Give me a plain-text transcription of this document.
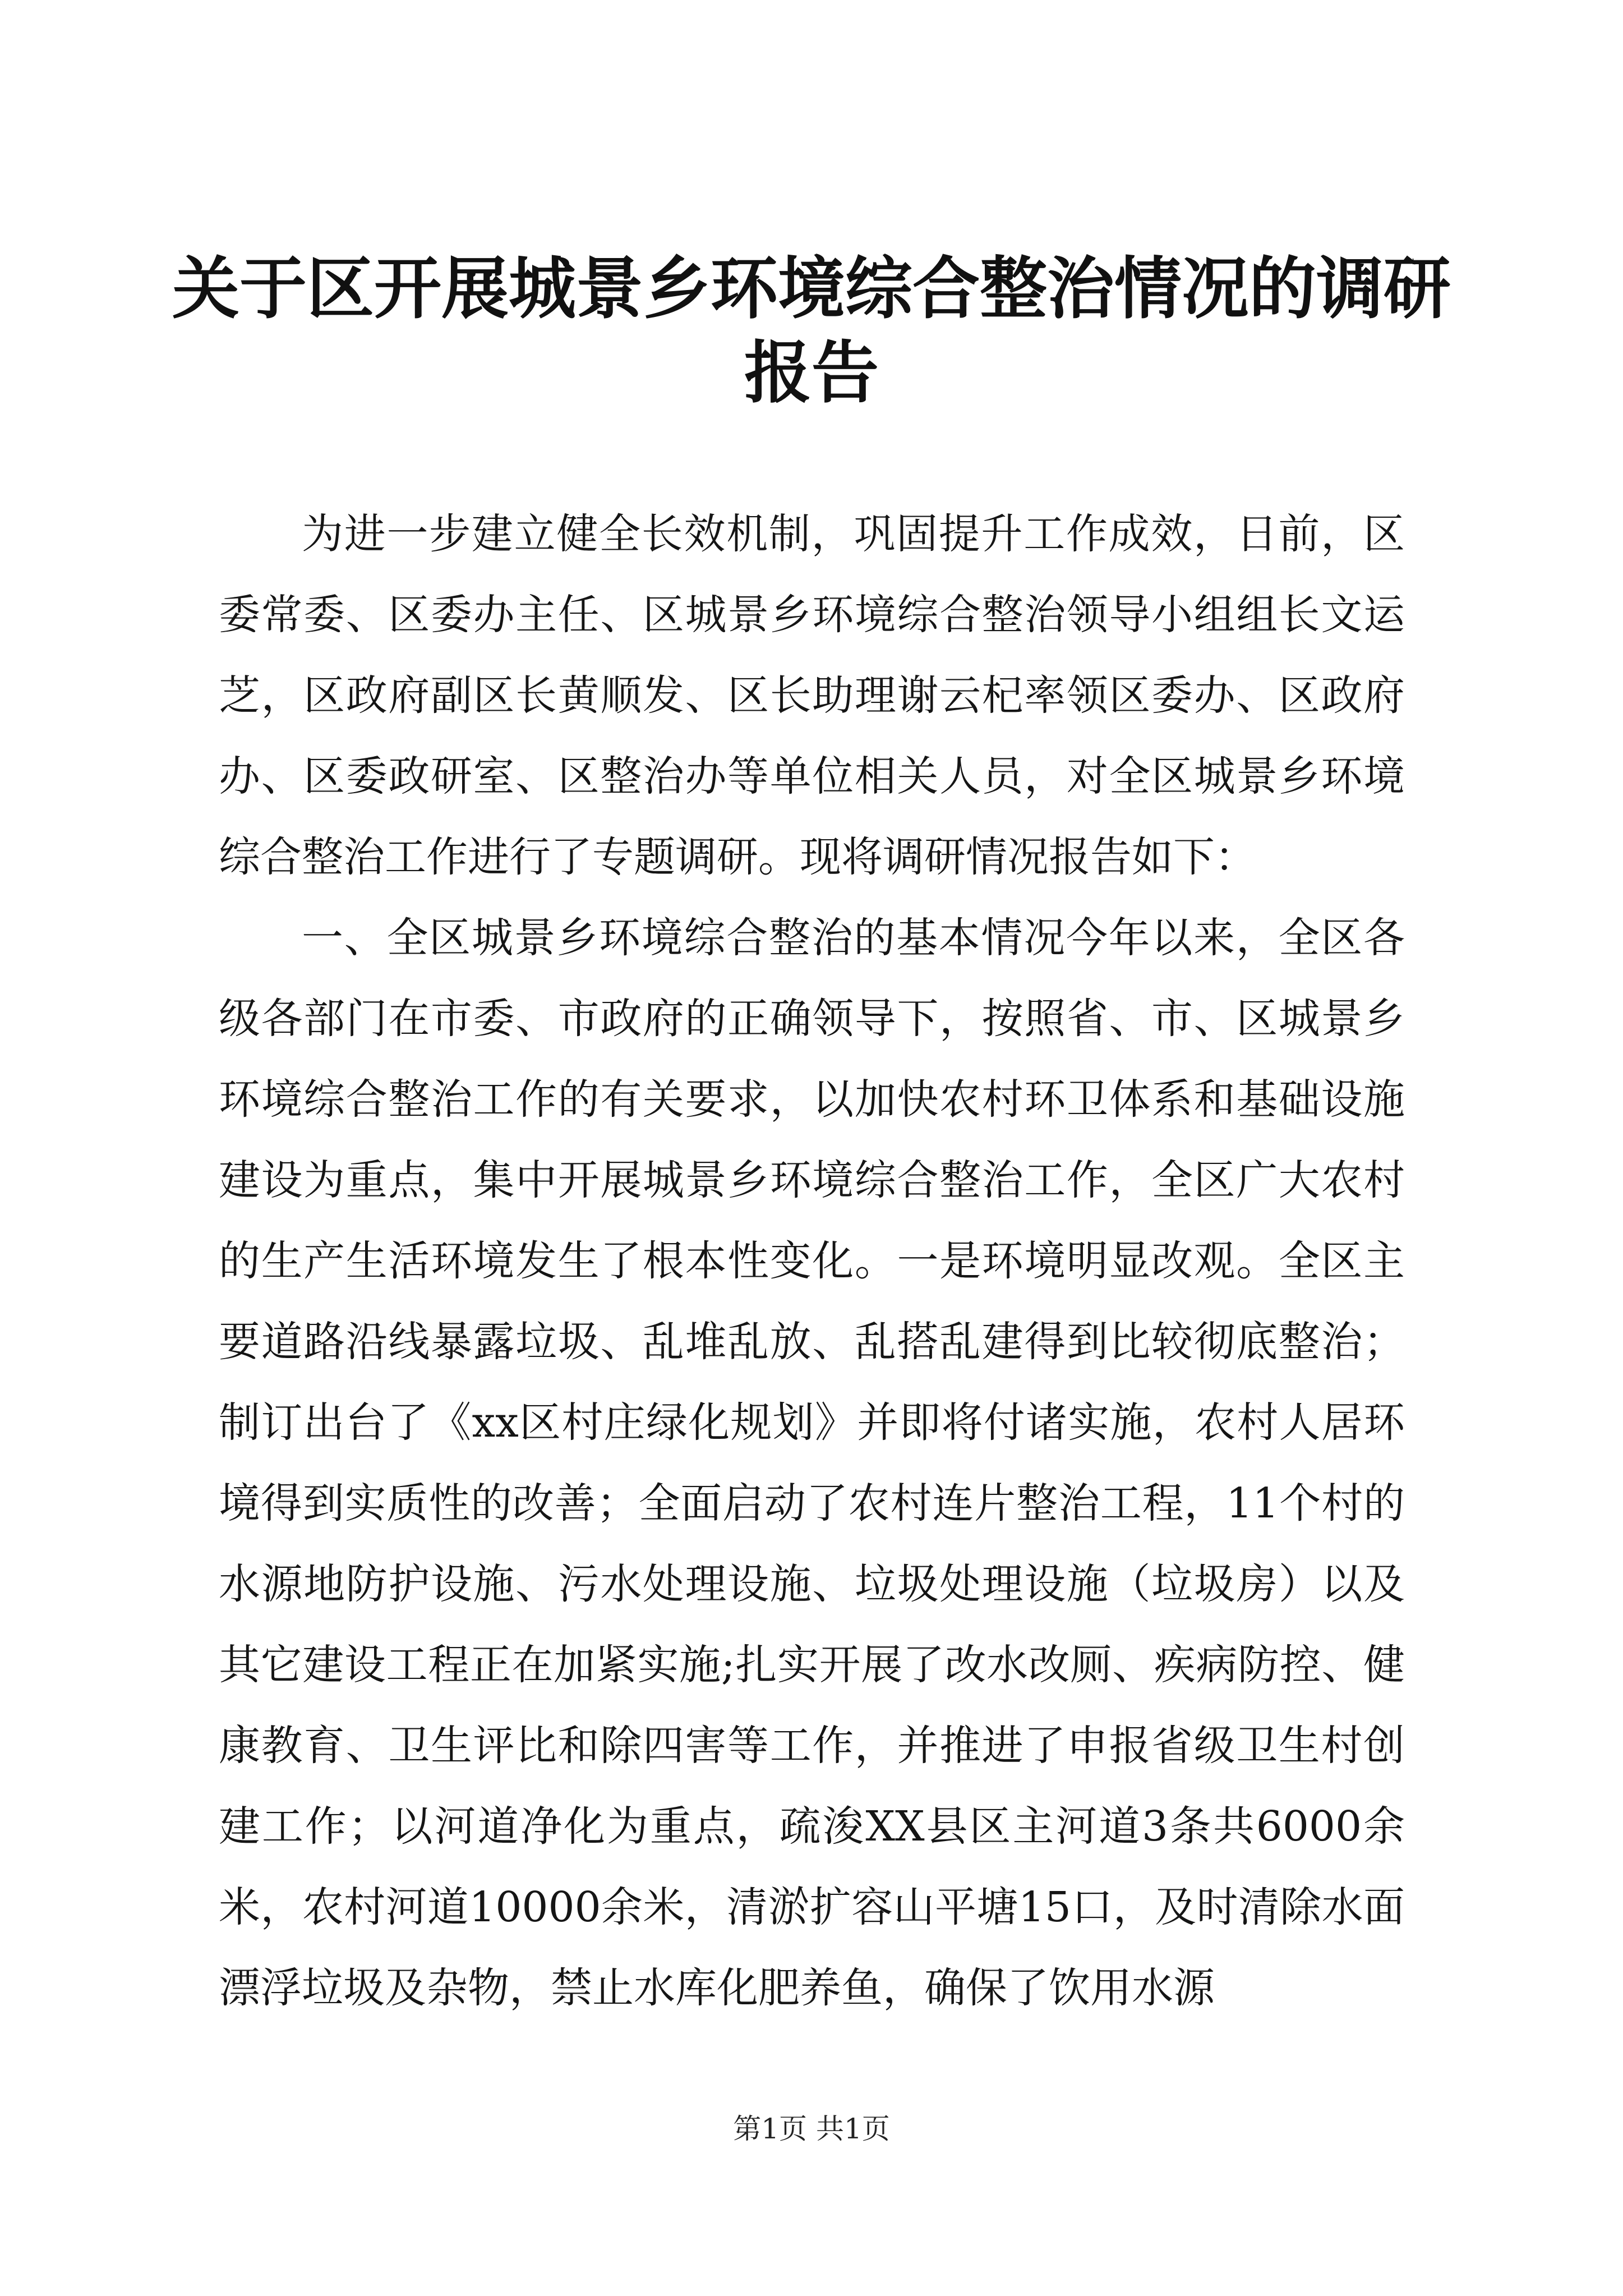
关于区开展城景乡环境综合整治情况的调研报告

为进一步建立健全长效机制，巩固提升工作成效，日前，区委常委、区委办主任、区城景乡环境综合整治领导小组组长文运芝，区政府副区长黄顺发、区长助理谢云杞率领区委办、区政府办、区委政研室、区整治办等单位相关人员，对全区城景乡环境综合整治工作进行了专题调研。现将调研情况报告如下：

一、全区城景乡环境综合整治的基本情况今年以来，全区各级各部门在市委、市政府的正确领导下，按照省、市、区城景乡环境综合整治工作的有关要求，以加快农村环卫体系和基础设施建设为重点，集中开展城景乡环境综合整治工作，全区广大农村的生产生活环境发生了根本性变化。一是环境明显改观。全区主要道路沿线暴露垃圾、乱堆乱放、乱搭乱建得到比较彻底整治；制订出台了《xx区村庄绿化规划》并即将付诸实施，农村人居环境得到实质性的改善；全面启动了农村连片整治工程，11个村的水源地防护设施、污水处理设施、垃圾处理设施（垃圾房）以及其它建设工程正在加紧实施;扎实开展了改水改厕、疾病防控、健康教育、卫生评比和除四害等工作，并推进了申报省级卫生村创建工作；以河道净化为重点，疏浚XX县区主河道3条共6000余米，农村河道10000余米，清淤扩容山平塘15口，及时清除水面漂浮垃圾及杂物，禁止水库化肥养鱼，确保了饮用水源

第1页 共1页
